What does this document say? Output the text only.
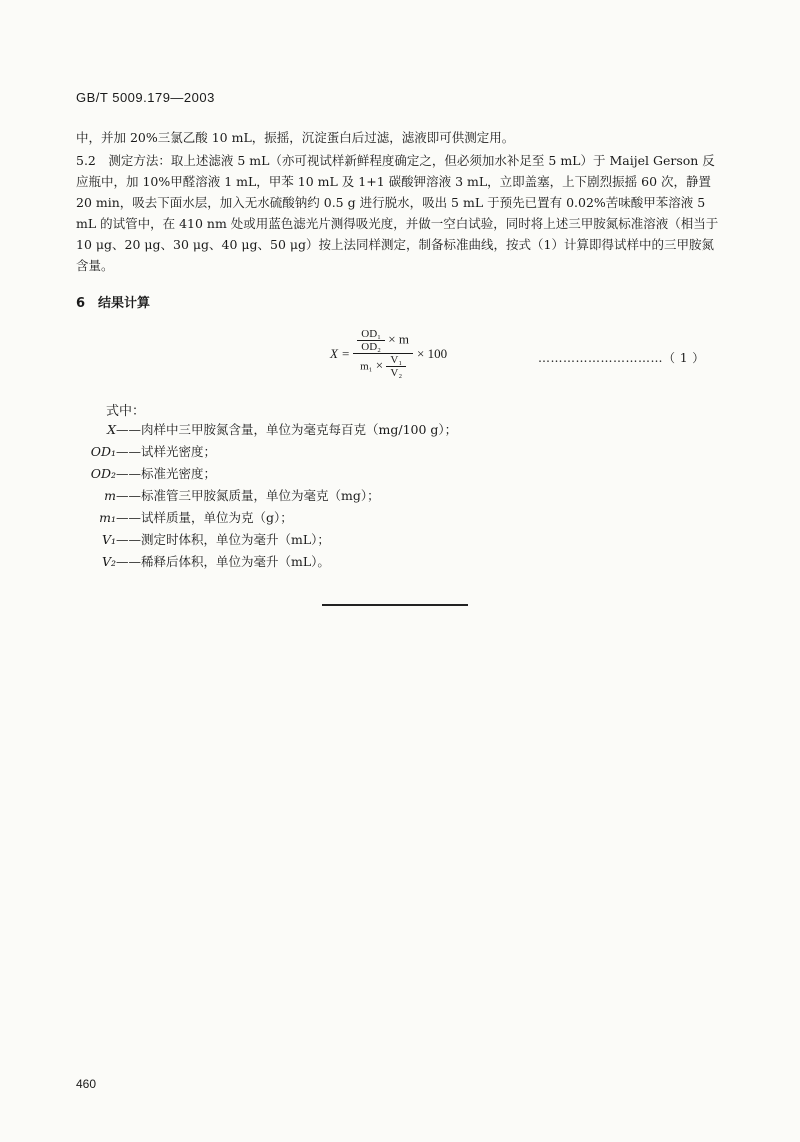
GB/T 5009.179—2003
中，并加 20%三氯乙酸 10 mL，振摇，沉淀蛋白后过滤，滤液即可供测定用。
5.2　测定方法：取上述滤液 5 mL（亦可视试样新鲜程度确定之，但必须加水补足至 5 mL）于 Maijel Gerson 反应瓶中，加 10%甲醛溶液 1 mL，甲苯 10 mL 及 1+1 碳酸钾溶液 3 mL，立即盖塞，上下剧烈振摇 60 次，静置 20 min，吸去下面水层，加入无水硫酸钠约 0.5 g 进行脱水，吸出 5 mL 于预先已置有 0.02%苦味酸甲苯溶液 5 mL 的试管中，在 410 nm 处或用蓝色滤光片测得吸光度，并做一空白试验，同时将上述三甲胺氮标准溶液（相当于 10 μg、20 μg、30 μg、40 μg、50 μg）按上法同样测定，制备标准曲线，按式（1）计算即得试样中的三甲胺氮含量。
6　结果计算
$X = \frac{\frac{\text{OD₁}}{\text{OD₂}} \times m}{m_1 \times \frac{\text{V₁}}{\text{V₂}}} \times 100$	…………………………（ 1 ）
式中：
X——肉样中三甲胺氮含量，单位为毫克每百克（mg/100 g）；
OD₁——试样光密度；
OD₂——标准光密度；
m——标准管三甲胺氮质量，单位为毫克（mg）；
m₁——试样质量，单位为克（g）；
V₁——测定时体积，单位为毫升（mL）；
V₂——稀释后体积，单位为毫升（mL）。
460
